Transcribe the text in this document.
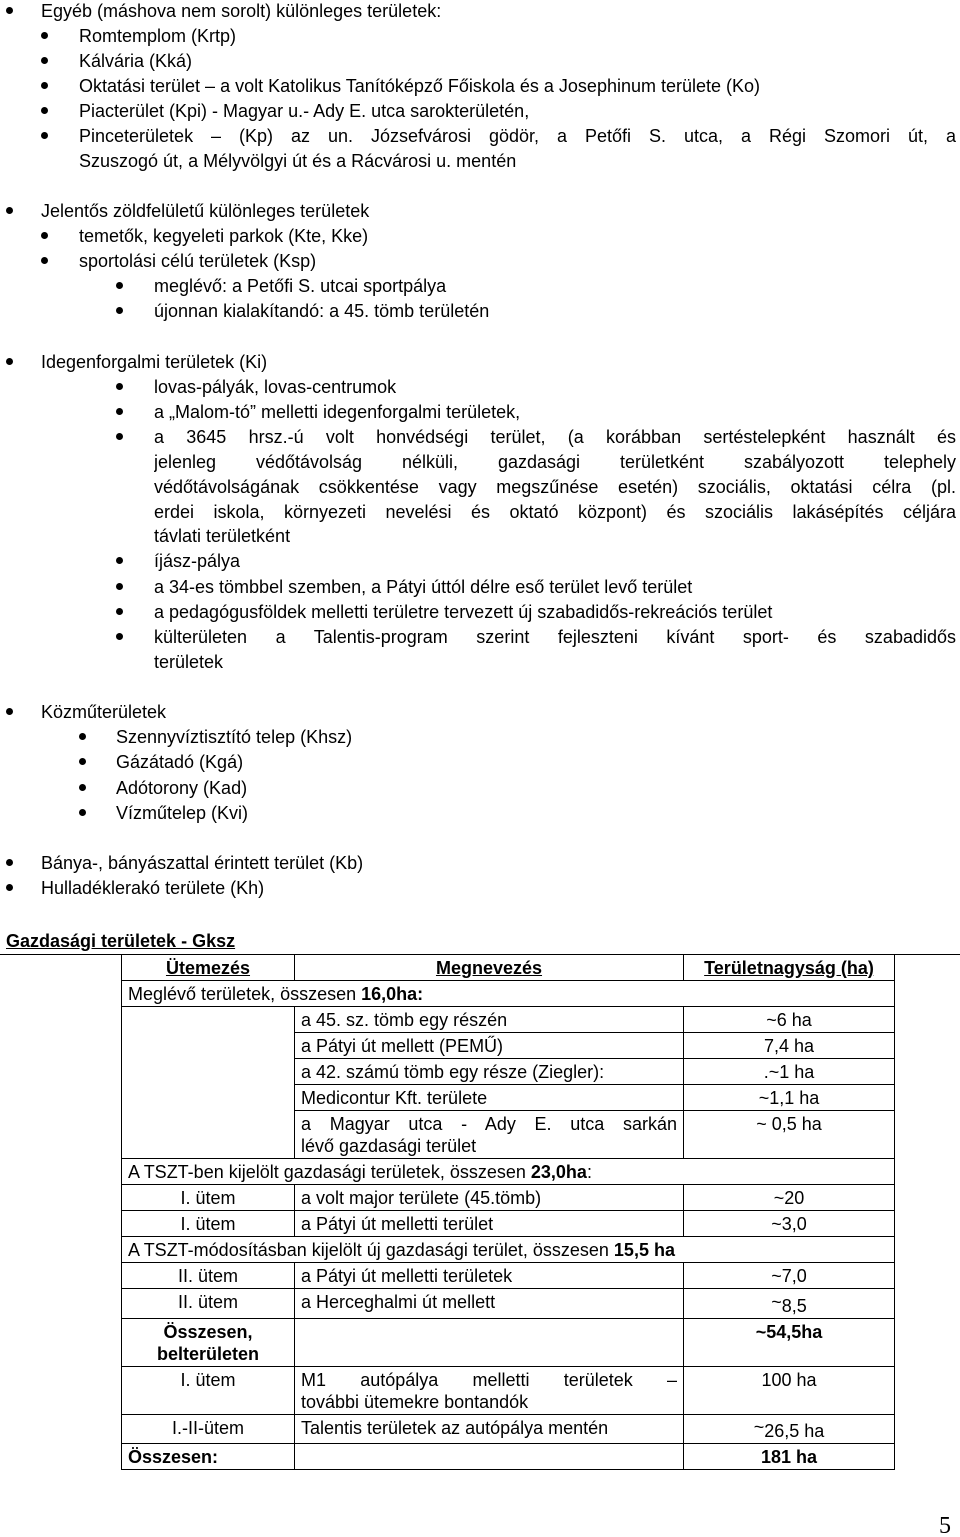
Egyéb (máshova nem sorolt) különleges területek:
Romtemplom (Krtp)
Kálvária (Kká)
Oktatási terület – a volt Katolikus Tanítóképző Főiskola és a Josephinum területe (Ko)
Piacterület (Kpi) - Magyar u.- Ady E. utca sarokterületén,
Pinceterületek – (Kp) az un. Józsefvárosi gödör, a Petőfi S. utca, a Régi Szomori út, a
Szuszogó út, a Mélyvölgyi út és a Rácvárosi u. mentén
Jelentős zöldfelületű különleges területek
temetők, kegyeleti parkok (Kte, Kke)
sportolási célú területek (Ksp)
meglévő: a Petőfi S. utcai sportpálya
újonnan kialakítandó: a 45. tömb területén
Idegenforgalmi területek (Ki)
lovas-pályák, lovas-centrumok
a „Malom-tó” melletti idegenforgalmi területek,
a 3645 hrsz.-ú volt honvédségi terület, (a korábban sertéstelepként használt és
jelenleg védőtávolság nélküli, gazdasági területként szabályozott telephely
védőtávolságának csökkentése vagy megszűnése esetén) szociális, oktatási célra (pl.
erdei iskola, környezeti nevelési és oktató központ) és szociális lakásépítés céljára
távlati területként
íjász-pálya
a 34-es tömbbel szemben, a Pátyi úttól délre eső terület levő terület
a pedagógusföldek melletti területre tervezett új szabadidős-rekreációs terület
külterületen a Talentis-program szerint fejleszteni kívánt sport- és szabadidős
területek
Közműterületek
Szennyvíztisztító telep (Khsz)
Gázátadó (Kgá)
Adótorony (Kad)
Vízműtelep (Kvi)
Bánya-, bányászattal érintett terület (Kb)
Hulladéklerakó területe (Kh)
Gazdasági területek - Gksz
Ütemezés	Megnevezés	Területnagyság (ha)
Meglévő területek, összesen 16,0ha:		
	a 45. sz. tömb egy részén	~6 ha
	a Pátyi út mellett (PEMŰ)	7,4 ha
	a 42. számú tömb egy része (Ziegler):	.~1 ha
	Medicontur Kft. területe	~1,1 ha

	a Magyar utca - Ady E. utca sarkán
lévő gazdasági terület	~ 0,5 ha
A TSZT-ben kijelölt gazdasági területek, összesen 23,0ha:		
I. ütem	a volt major területe (45.tömb)	~20
I. ütem	a Pátyi út melletti terület	~3,0
A TSZT-módosításban kijelölt új gazdasági terület, összesen 15,5 ha		
II. ütem	a Pátyi út melletti területek	~7,0
II. ütem	a Herceghalmi út mellett	~8,5
Összesen, belterületen		~54,5ha
I. ütem	M1 autópálya melletti területek –
további ütemekre bontandók	100 ha
I.-II-ütem	Talentis területek az autópálya mentén	~26,5 ha
Összesen:		181 ha
5
